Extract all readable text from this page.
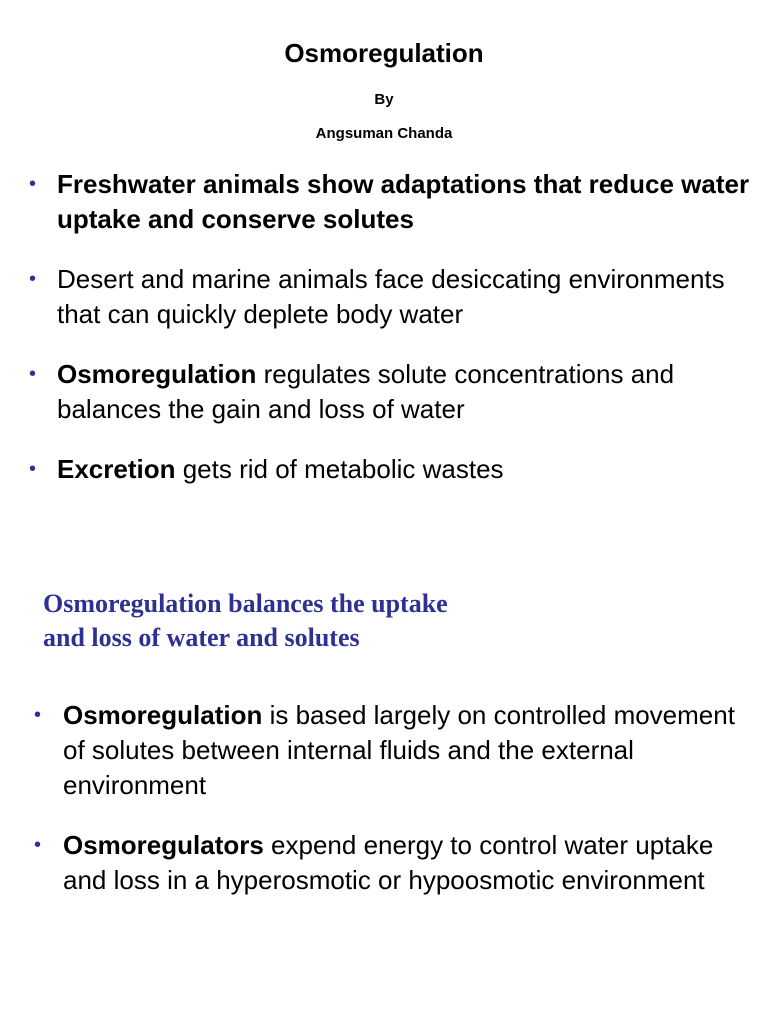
Osmoregulation
By
Angsuman Chanda
• Freshwater animals show adaptations that reduce water uptake and conserve solutes
• Desert and marine animals face desiccating environments that can quickly deplete body water
• Osmoregulation regulates solute concentrations and balances the gain and loss of water
• Excretion gets rid of metabolic wastes
Osmoregulation balances the uptake
and loss of water and solutes
• Osmoregulation is based largely on controlled movement of solutes between internal fluids and the external environment
• Osmoregulators expend energy to control water uptake and loss in a hyperosmotic or hypoosmotic environment
